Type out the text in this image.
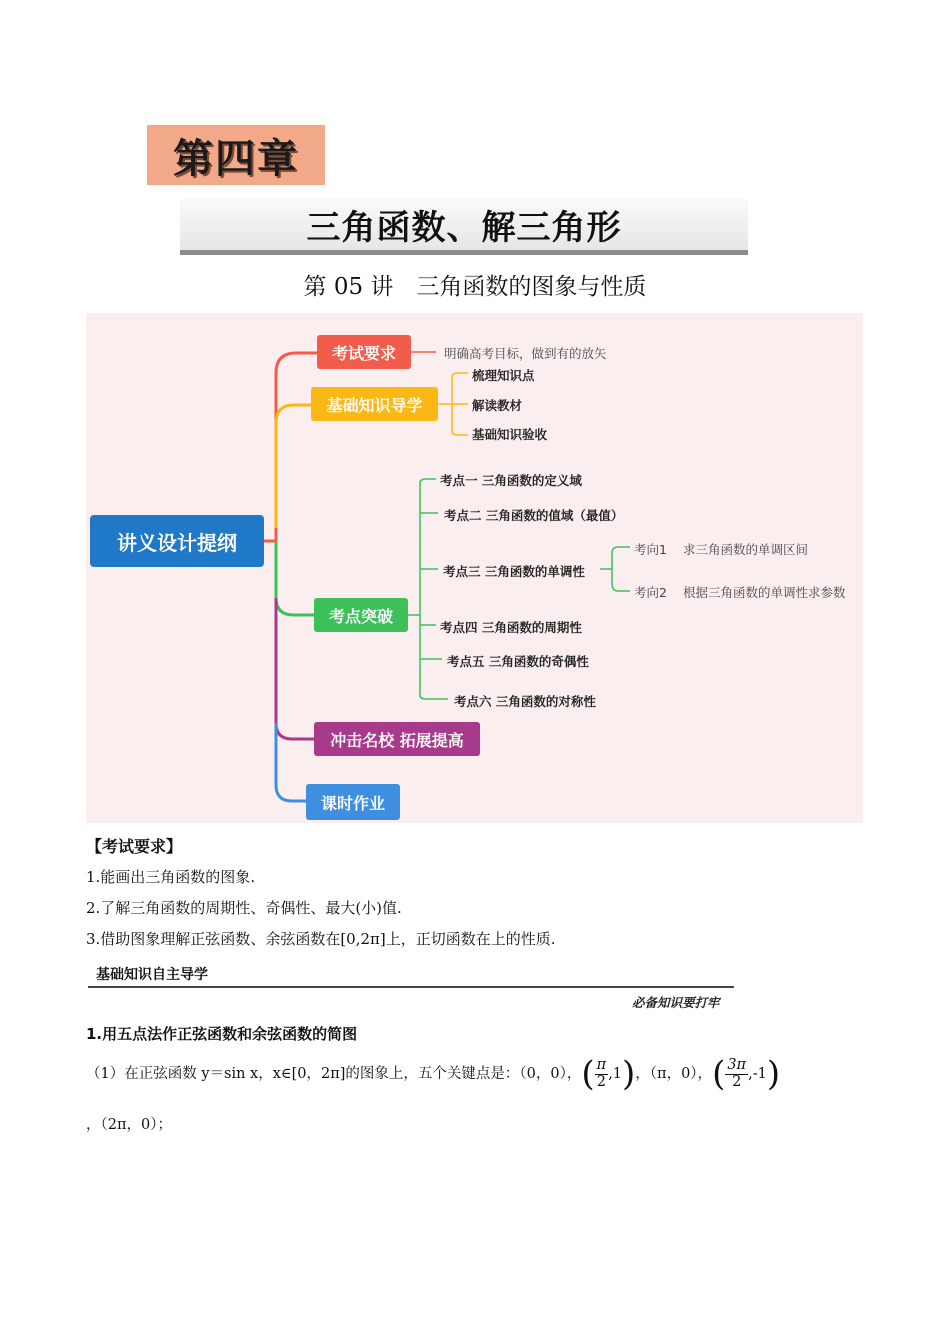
第四章
三角函数、解三角形
第 05 讲　三角函数的图象与性质
讲义设计提纲
考试要求	明确高考目标，做到有的放矢
基础知识导学
梳理知识点
解读教材
基础知识验收
考点突破
考点一 三角函数的定义域
考点二 三角函数的值域（最值）
考点三 三角函数的单调性
考点四 三角函数的周期性
考点五 三角函数的奇偶性
考点六 三角函数的对称性
考向1 求三角函数的单调区间
考向2 根据三角函数的单调性求参数
冲击名校 拓展提高
课时作业
【考试要求】
1.能画出三角函数的图象.
2.了解三角函数的周期性、奇偶性、最大(小)值.
3.借助图象理解正弦函数、余弦函数在[0,2π]上，正切函数在上的性质.
基础知识自主导学
必备知识要打牢
1.用五点法作正弦函数和余弦函数的简图
（1）在正弦函数 y＝sin x，x∈[0，2π]的图象上，五个关键点是：（0，0），( $\frac{\pi}{2} ,1$)，（π，0），( $\frac{3\pi}{2} ,-1$)
，（2π，0）；
